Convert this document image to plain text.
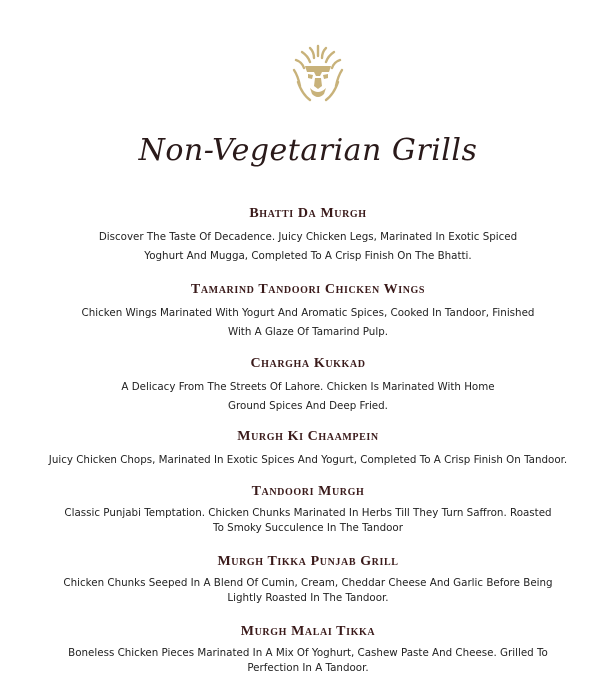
Non-Vegetarian Grills
Bhatti Da Murgh
Discover The Taste Of Decadence. Juicy Chicken Legs, Marinated In Exotic Spiced Yoghurt And Mugga, Completed To A Crisp Finish On The Bhatti.
Tamarind Tandoori Chicken Wings
Chicken Wings Marinated With Yogurt And Aromatic Spices, Cooked In Tandoor, Finished With A Glaze Of Tamarind Pulp.
Chargha Kukkad
A Delicacy From The Streets Of Lahore. Chicken Is Marinated With Home Ground Spices And Deep Fried.
Murgh Ki Chaampein
Juicy Chicken Chops, Marinated In Exotic Spices And Yogurt, Completed To A Crisp Finish On Tandoor.
Tandoori Murgh
Classic Punjabi Temptation. Chicken Chunks Marinated In Herbs Till They Turn Saffron. Roasted To Smoky Succulence In The Tandoor
Murgh Tikka Punjab Grill
Chicken Chunks Seeped In A Blend Of Cumin, Cream, Cheddar Cheese And Garlic Before Being Lightly Roasted In The Tandoor.
Murgh Malai Tikka
Boneless Chicken Pieces Marinated In A Mix Of Yoghurt, Cashew Paste And Cheese. Grilled To Perfection In A Tandoor.
